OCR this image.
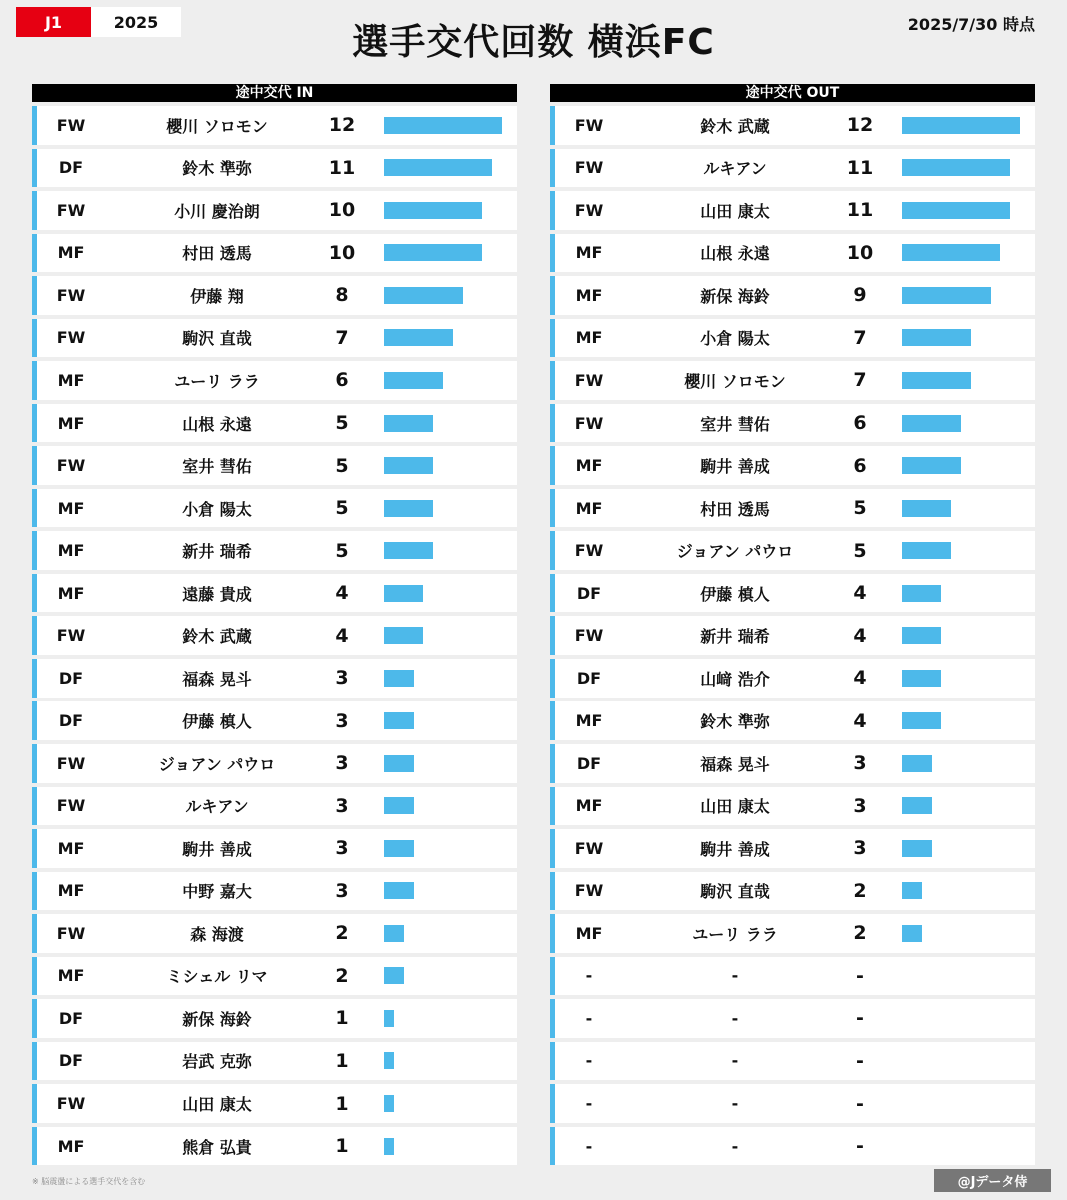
J1	2025	選手交代回数 横浜FC	2025/7/30 時点
途中交代 IN
FW	櫻川 ソロモン	12
DF	鈴木 準弥	11
FW	小川 慶治朗	10
MF	村田 透馬	10
FW	伊藤 翔	8
FW	駒沢 直哉	7
MF	ユーリ ララ	6
MF	山根 永遠	5
FW	室井 彗佑	5
MF	小倉 陽太	5
MF	新井 瑞希	5
MF	遠藤 貴成	4
FW	鈴木 武蔵	4
DF	福森 晃斗	3
DF	伊藤 槙人	3
FW	ジョアン パウロ	3
FW	ルキアン	3
MF	駒井 善成	3
MF	中野 嘉大	3
FW	森 海渡	2
MF	ミシェル リマ	2
DF	新保 海鈴	1
DF	岩武 克弥	1
FW	山田 康太	1
MF	熊倉 弘貴	1
途中交代 OUT
FW	鈴木 武蔵	12
FW	ルキアン	11
FW	山田 康太	11
MF	山根 永遠	10
MF	新保 海鈴	9
MF	小倉 陽太	7
FW	櫻川 ソロモン	7
FW	室井 彗佑	6
MF	駒井 善成	6
MF	村田 透馬	5
FW	ジョアン パウロ	5
DF	伊藤 槙人	4
FW	新井 瑞希	4
DF	山﨑 浩介	4
MF	鈴木 準弥	4
DF	福森 晃斗	3
MF	山田 康太	3
FW	駒井 善成	3
FW	駒沢 直哉	2
MF	ユーリ ララ	2
-	-	-
-	-	-
-	-	-
-	-	-
-	-	-
※ 脳震盪による選手交代を含む	@Jデータ侍
